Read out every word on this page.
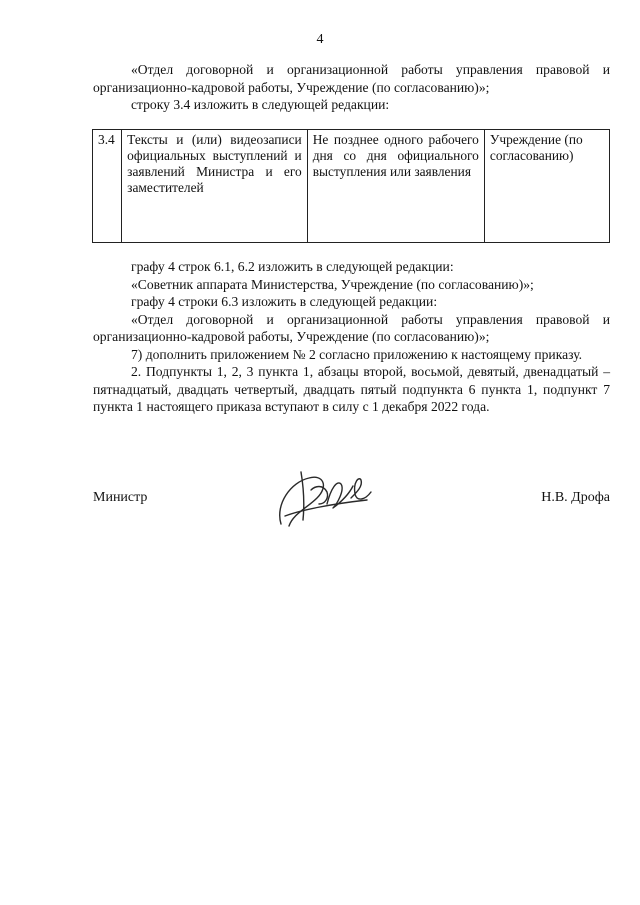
4

«Отдел договорной и организационной работы управления правовой и организационно-кадровой работы, Учреждение (по согласованию)»;

строку 3.4 изложить в следующей редакции:

3.4	Тексты и (или) видеозаписи официальных выступлений и заявлений Министра и его заместителей	Не позднее одного рабочего дня со дня официального выступления или заявления	Учреждение (по согласованию)

графу 4 строк 6.1, 6.2 изложить в следующей редакции:

«Советник аппарата Министерства, Учреждение (по согласованию)»;

графу 4 строки 6.3 изложить в следующей редакции:

«Отдел договорной и организационной работы управления правовой и организационно-кадровой работы, Учреждение (по согласованию)»;

7) дополнить приложением № 2 согласно приложению к настоящему приказу.

2. Подпункты 1, 2, 3 пункта 1, абзацы второй, восьмой, девятый, двенадцатый – пятнадцатый, двадцать четвертый, двадцать пятый подпункта 6 пункта 1, подпункт 7 пункта 1 настоящего приказа вступают в силу с 1 декабря 2022 года.

Министр	Н.В. Дрофа
